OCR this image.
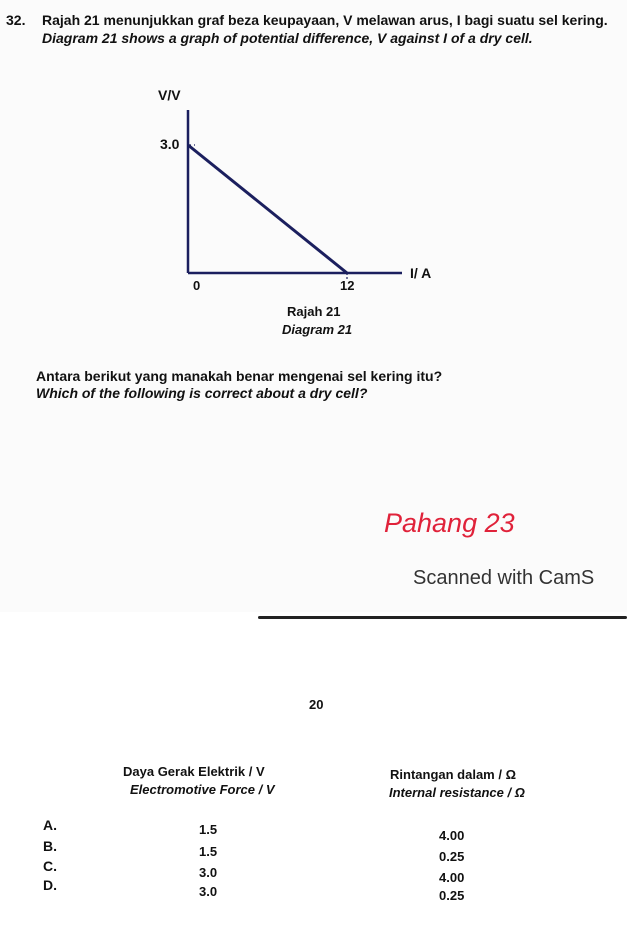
32. Rajah 21 menunjukkan graf beza keupayaan, V melawan arus, I bagi suatu sel kering.
Diagram 21 shows a graph of potential difference, V against I of a dry cell.
V/V
3.0
0	12
I/ A
Rajah 21
Diagram 21
Antara berikut yang manakah benar mengenai sel kering itu?
Which of the following is correct about a dry cell?
Pahang 23
Scanned with CamS
20
Daya Gerak Elektrik / V
Electromotive Force / V
Rintangan dalam / Ω
Internal resistance / Ω
A.
B.
C.
D.
1.5
1.5
3.0
3.0
4.00
0.25
4.00
0.25
